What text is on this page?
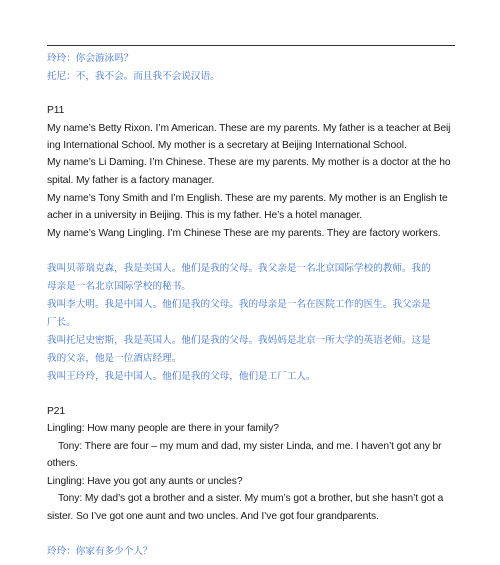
玲玲：你会游泳吗？
托尼：不，我不会。而且我不会说汉语。
P11
My name’s Betty Rixon. I’m American. These are my parents. My father is a teacher at Beij
ing International School. My mother is a secretary at Beijing International School.
My name’s Li Daming. I’m Chinese. These are my parents. My mother is a doctor at the ho
spital. My father is a factory manager.
My name’s Tony Smith and I’m English. These are my parents. My mother is an English te
acher in a university in Beijing. This is my father. He’s a hotel manager.
My name’s Wang Lingling. I’m Chinese These are my parents. They are factory workers.
我叫贝蒂瑞克森，我是美国人。他们是我的父母。我父亲是一名北京国际学校的教师。我的
母亲是一名北京国际学校的秘书。
我叫李大明。我是中国人。他们是我的父母。我的母亲是一名在医院工作的医生。我父亲是
厂长。
我叫托尼史密斯，我是英国人。他们是我的父母。我妈妈是北京一所大学的英语老师。这是
我的父亲，他是一位酒店经理。
我叫王玲玲，我是中国人。他们是我的父母，他们是工厂工人。
P21
Lingling: How many people are there in your family?
Tony: There are four – my mum and dad, my sister Linda, and me. I haven’t got any br
others.
Lingling: Have you got any aunts or uncles?
Tony: My dad’s got a brother and a sister. My mum’s got a brother, but she hasn’t got a
sister. So I’ve got one aunt and two uncles. And I’ve got four grandparents.
玲玲：你家有多少个人？
